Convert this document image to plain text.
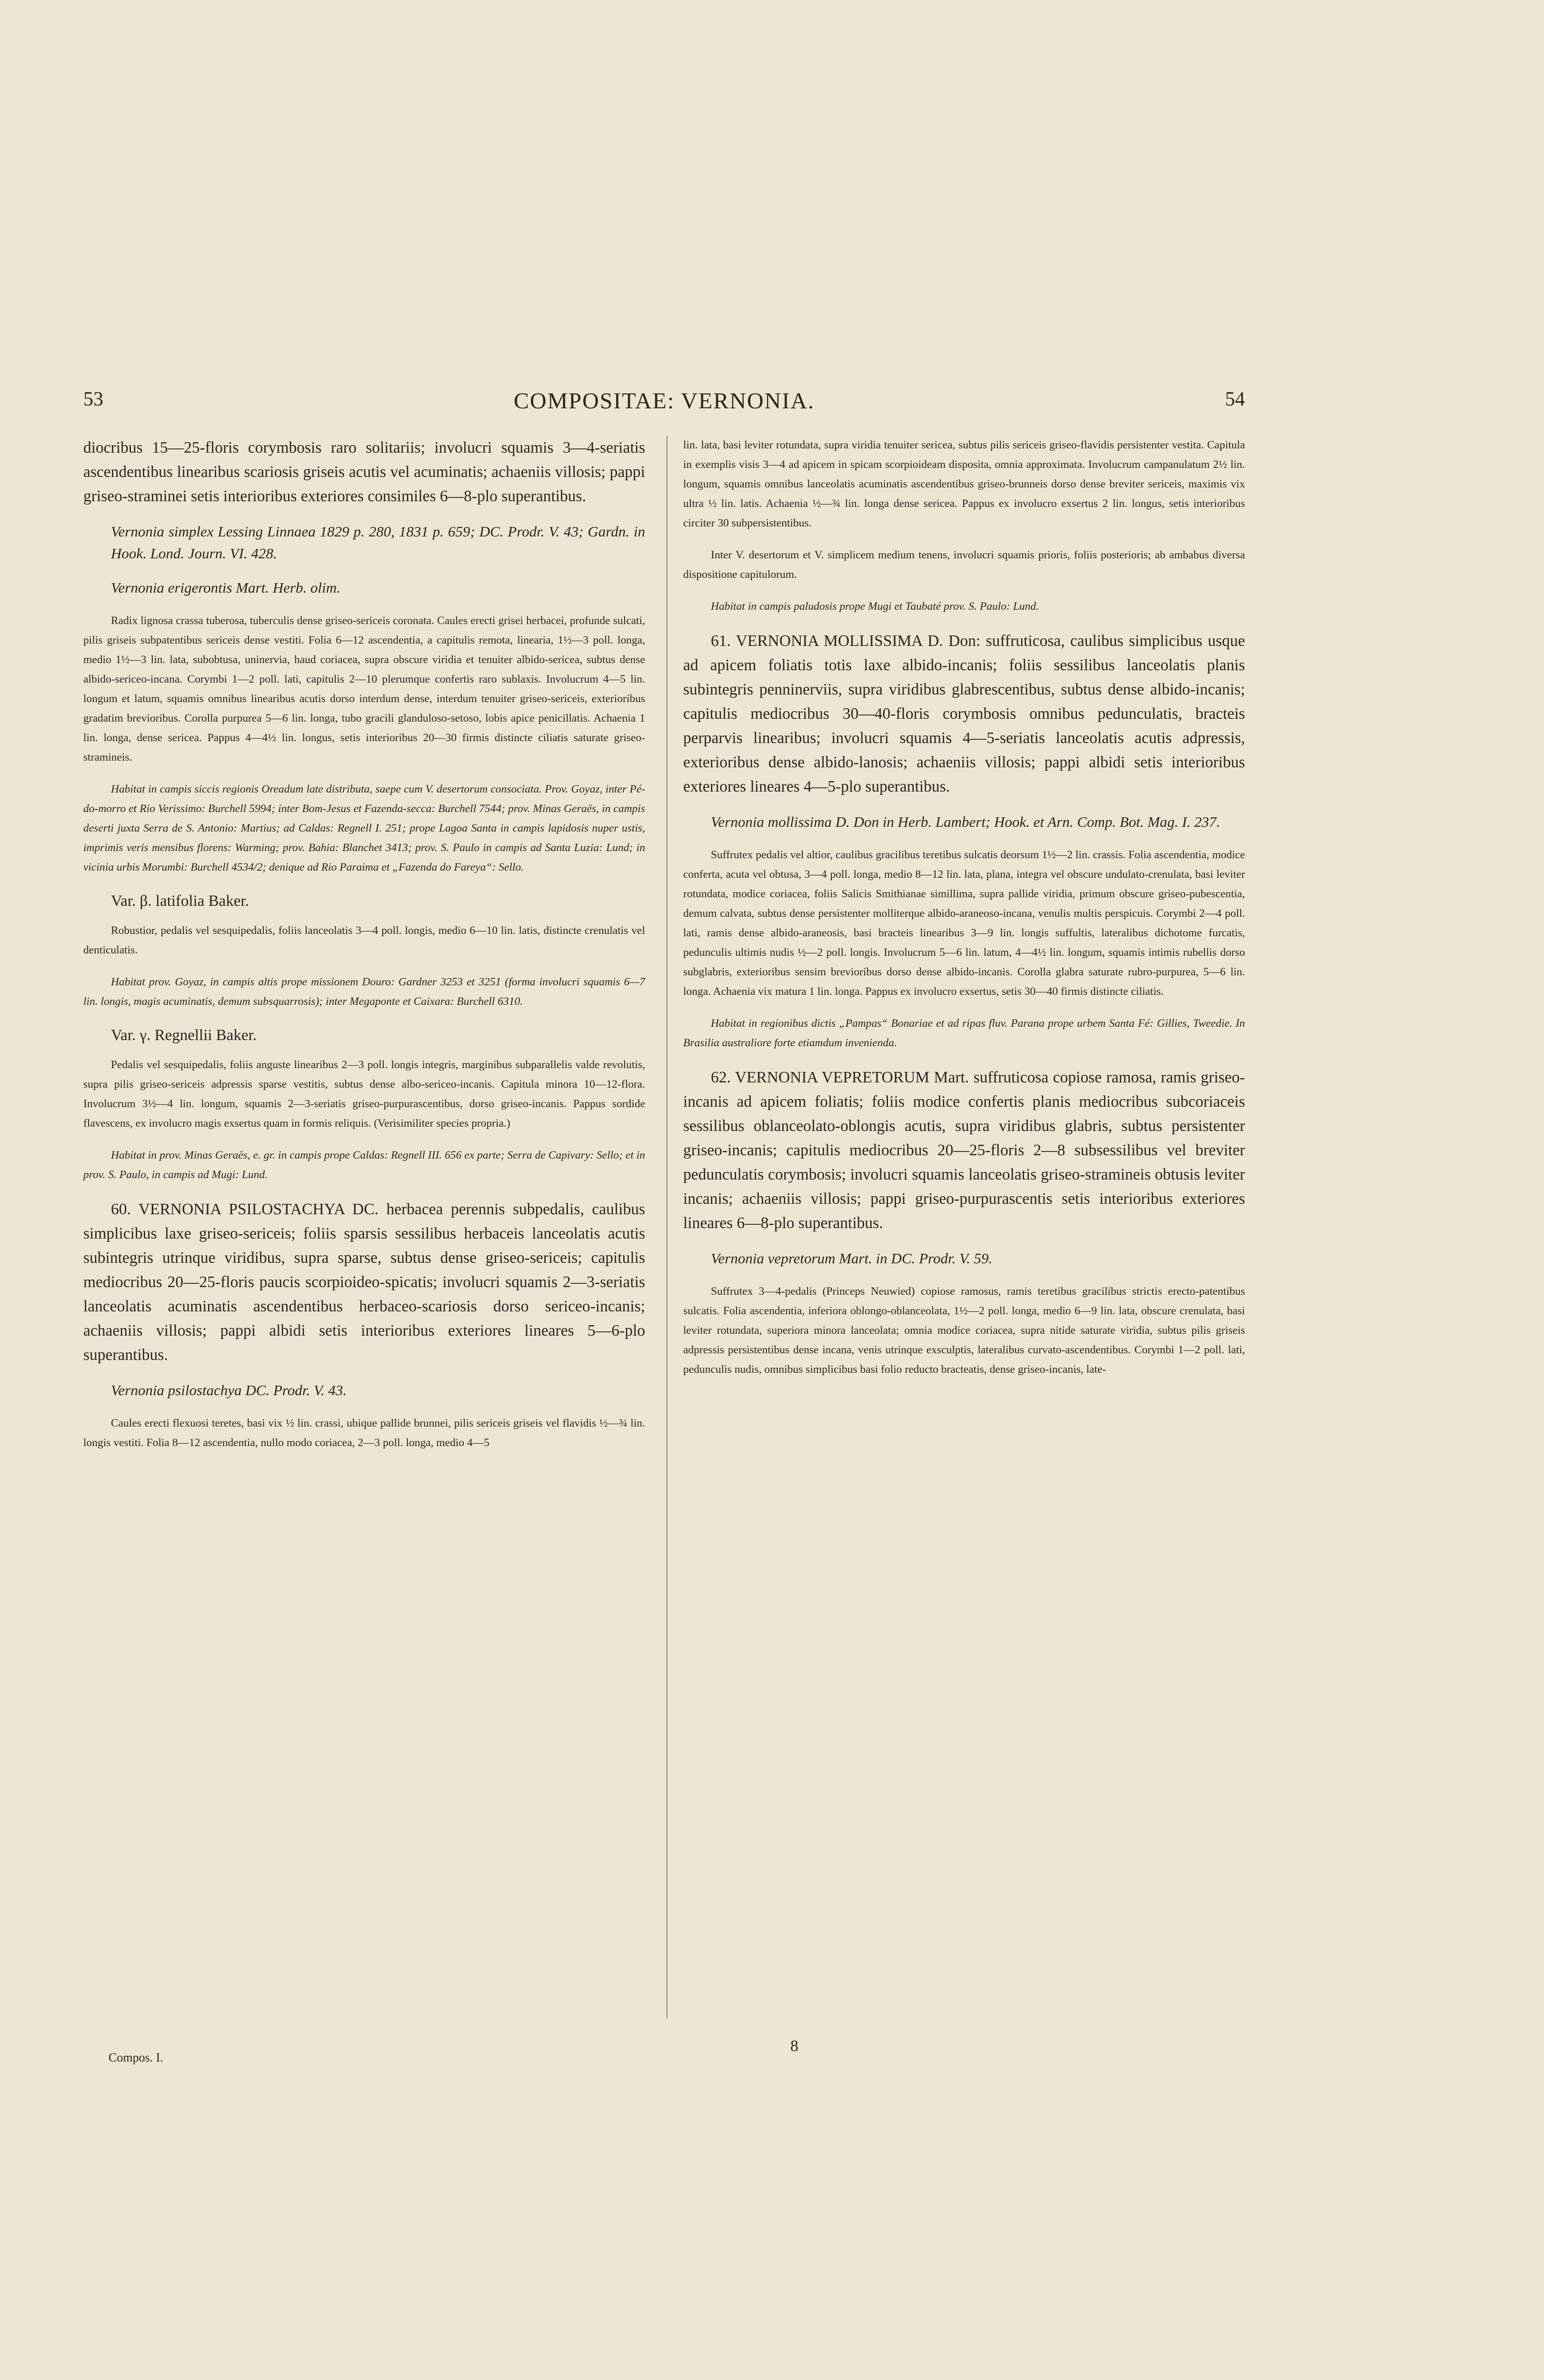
53	COMPOSITAE: VERNONIA.	54

diocribus 15—25-floris corymbosis raro solitariis; involucri squamis 3—4-seriatis ascendentibus linearibus scariosis griseis acutis vel acuminatis; achaeniis villosis; pappi griseo-straminei setis interioribus exteriores consimiles 6—8-plo superantibus.

Vernonia simplex Lessing Linnaea 1829 p. 280, 1831 p. 659; DC. Prodr. V. 43; Gardn. in Hook. Lond. Journ. VI. 428.

Vernonia erigerontis Mart. Herb. olim.

Radix lignosa crassa tuberosa, tuberculis dense griseo-sericeis coronata. Caules erecti grisei herbacei, profunde sulcati, pilis griseis subpatentibus sericeis dense vestiti. Folia 6—12 ascendentia, a capitulis remota, linearia, 1½—3 poll. longa, medio 1½—3 lin. lata, subobtusa, uninervia, haud coriacea, supra obscure viridia et tenuiter albido-sericea, subtus dense albido-sericeo-incana. Corymbi 1—2 poll. lati, capitulis 2—10 plerumque confertis raro sublaxis. Involucrum 4—5 lin. longum et latum, squamis omnibus linearibus acutis dorso interdum dense, interdum tenuiter griseo-sericeis, exterioribus gradatim brevioribus. Corolla purpurea 5—6 lin. longa, tubo gracili glanduloso-setoso, lobis apice penicillatis. Achaenia 1 lin. longa, dense sericea. Pappus 4—4½ lin. longus, setis interioribus 20—30 firmis distincte ciliatis saturate griseo-stramineis.

Habitat in campis siccis regionis Oreadum late distributa, saepe cum V. desertorum consociata. Prov. Goyaz, inter Pé-do-morro et Rio Verissimo: Burchell 5994; inter Bom-Jesus et Fazenda-secca: Burchell 7544; prov. Minas Geraës, in campis deserti juxta Serra de S. Antonio: Martius; ad Caldas: Regnell I. 251; prope Lagoa Santa in campis lapidosis nuper ustis, imprimis veris mensibus florens: Warming; prov. Bahia: Blanchet 3413; prov. S. Paulo in campis ad Santa Luzia: Lund; in vicinia urbis Morumbi: Burchell 4534/2; denique ad Rio Paraima et „Fazenda do Fareya“: Sello.

Var. β. latifolia Baker.

Robustior, pedalis vel sesquipedalis, foliis lanceolatis 3—4 poll. longis, medio 6—10 lin. latis, distincte crenulatis vel denticulatis.

Habitat prov. Goyaz, in campis altis prope missionem Douro: Gardner 3253 et 3251 (forma involucri squamis 6—7 lin. longis, magis acuminatis, demum subsquarrosis); inter Megaponte et Caixara: Burchell 6310.

Var. γ. Regnellii Baker.

Pedalis vel sesquipedalis, foliis anguste linearibus 2—3 poll. longis integris, marginibus subparallelis valde revolutis, supra pilis griseo-sericeis adpressis sparse vestitis, subtus dense albo-sericeo-incanis. Capitula minora 10—12-flora. Involucrum 3½—4 lin. longum, squamis 2—3-seriatis griseo-purpurascentibus, dorso griseo-incanis. Pappus sordide flavescens, ex involucro magis exsertus quam in formis reliquis. (Verisimiliter species propria.)

Habitat in prov. Minas Geraës, e. gr. in campis prope Caldas: Regnell III. 656 ex parte; Serra de Capivary: Sello; et in prov. S. Paulo, in campis ad Mugi: Lund.

60. VERNONIA PSILOSTACHYA DC. herbacea perennis subpedalis, caulibus simplicibus laxe griseo-sericeis; foliis sparsis sessilibus herbaceis lanceolatis acutis subintegris utrinque viridibus, supra sparse, subtus dense griseo-sericeis; capitulis mediocribus 20—25-floris paucis scorpioideo-spicatis; involucri squamis 2—3-seriatis lanceolatis acuminatis ascendentibus herbaceo-scariosis dorso sericeo-incanis; achaeniis villosis; pappi albidi setis interioribus exteriores lineares 5—6-plo superantibus.

Vernonia psilostachya DC. Prodr. V. 43.

Caules erecti flexuosi teretes, basi vix ½ lin. crassi, ubique pallide brunnei, pilis sericeis griseis vel flavidis ½—¾ lin. longis vestiti. Folia 8—12 ascendentia, nullo modo coriacea, 2—3 poll. longa, medio 4—5

lin. lata, basi leviter rotundata, supra viridia tenuiter sericea, subtus pilis sericeis griseo-flavidis persistenter vestita. Capitula in exemplis visis 3—4 ad apicem in spicam scorpioideam disposita, omnia approximata. Involucrum campanulatum 2½ lin. longum, squamis omnibus lanceolatis acuminatis ascendentibus griseo-brunneis dorso dense breviter sericeis, maximis vix ultra ½ lin. latis. Achaenia ½—¾ lin. longa dense sericea. Pappus ex involucro exsertus 2 lin. longus, setis interioribus circiter 30 subpersistentibus.

Inter V. desertorum et V. simplicem medium tenens, involucri squamis prioris, foliis posterioris; ab ambabus diversa dispositione capitulorum.

Habitat in campis paludosis prope Mugi et Taubaté prov. S. Paulo: Lund.

61. VERNONIA MOLLISSIMA D. Don: suffruticosa, caulibus simplicibus usque ad apicem foliatis totis laxe albido-incanis; foliis sessilibus lanceolatis planis subintegris penninerviis, supra viridibus glabrescentibus, subtus dense albido-incanis; capitulis mediocribus 30—40-floris corymbosis omnibus pedunculatis, bracteis perparvis linearibus; involucri squamis 4—5-seriatis lanceolatis acutis adpressis, exterioribus dense albido-lanosis; achaeniis villosis; pappi albidi setis interioribus exteriores lineares 4—5-plo superantibus.

Vernonia mollissima D. Don in Herb. Lambert; Hook. et Arn. Comp. Bot. Mag. I. 237.

Suffrutex pedalis vel altior, caulibus gracilibus teretibus sulcatis deorsum 1½—2 lin. crassis. Folia ascendentia, modice conferta, acuta vel obtusa, 3—4 poll. longa, medio 8—12 lin. lata, plana, integra vel obscure undulato-crenulata, basi leviter rotundata, modice coriacea, foliis Salicis Smithianae simillima, supra pallide viridia, primum obscure griseo-pubescentia, demum calvata, subtus dense persistenter molliterque albido-araneoso-incana, venulis multis perspicuis. Corymbi 2—4 poll. lati, ramis dense albido-araneosis, basi bracteis linearibus 3—9 lin. longis suffultis, lateralibus dichotome furcatis, pedunculis ultimis nudis ½—2 poll. longis. Involucrum 5—6 lin. latum, 4—4½ lin. longum, squamis intimis rubellis dorso subglabris, exterioribus sensim brevioribus dorso dense albido-incanis. Corolla glabra saturate rubro-purpurea, 5—6 lin. longa. Achaenia vix matura 1 lin. longa. Pappus ex involucro exsertus, setis 30—40 firmis distincte ciliatis.

Habitat in regionibus dictis „Pampas“ Bonariae et ad ripas fluv. Parana prope urbem Santa Fé: Gillies, Tweedie. In Brasilia australiore forte etiamdum invenienda.

62. VERNONIA VEPRETORUM Mart. suffruticosa copiose ramosa, ramis griseo-incanis ad apicem foliatis; foliis modice confertis planis mediocribus subcoriaceis sessilibus oblanceolato-oblongis acutis, supra viridibus glabris, subtus persistenter griseo-incanis; capitulis mediocribus 20—25-floris 2—8 subsessilibus vel breviter pedunculatis corymbosis; involucri squamis lanceolatis griseo-stramineis obtusis leviter incanis; achaeniis villosis; pappi griseo-purpurascentis setis interioribus exteriores lineares 6—8-plo superantibus.

Vernonia vepretorum Mart. in DC. Prodr. V. 59.

Suffrutex 3—4-pedalis (Princeps Neuwied) copiose ramosus, ramis teretibus gracilibus strictis erecto-patentibus sulcatis. Folia ascendentia, inferiora oblongo-oblanceolata, 1½—2 poll. longa, medio 6—9 lin. lata, obscure crenulata, basi leviter rotundata, superiora minora lanceolata; omnia modice coriacea, supra nitide saturate viridia, subtus pilis griseis adpressis persistentibus dense incana, venis utrinque exsculptis, lateralibus curvato-ascendentibus. Corymbi 1—2 poll. lati, pedunculis nudis, omnibus simplicibus basi folio reducto bracteatis, dense griseo-incanis, late-

Compos. I.
8
